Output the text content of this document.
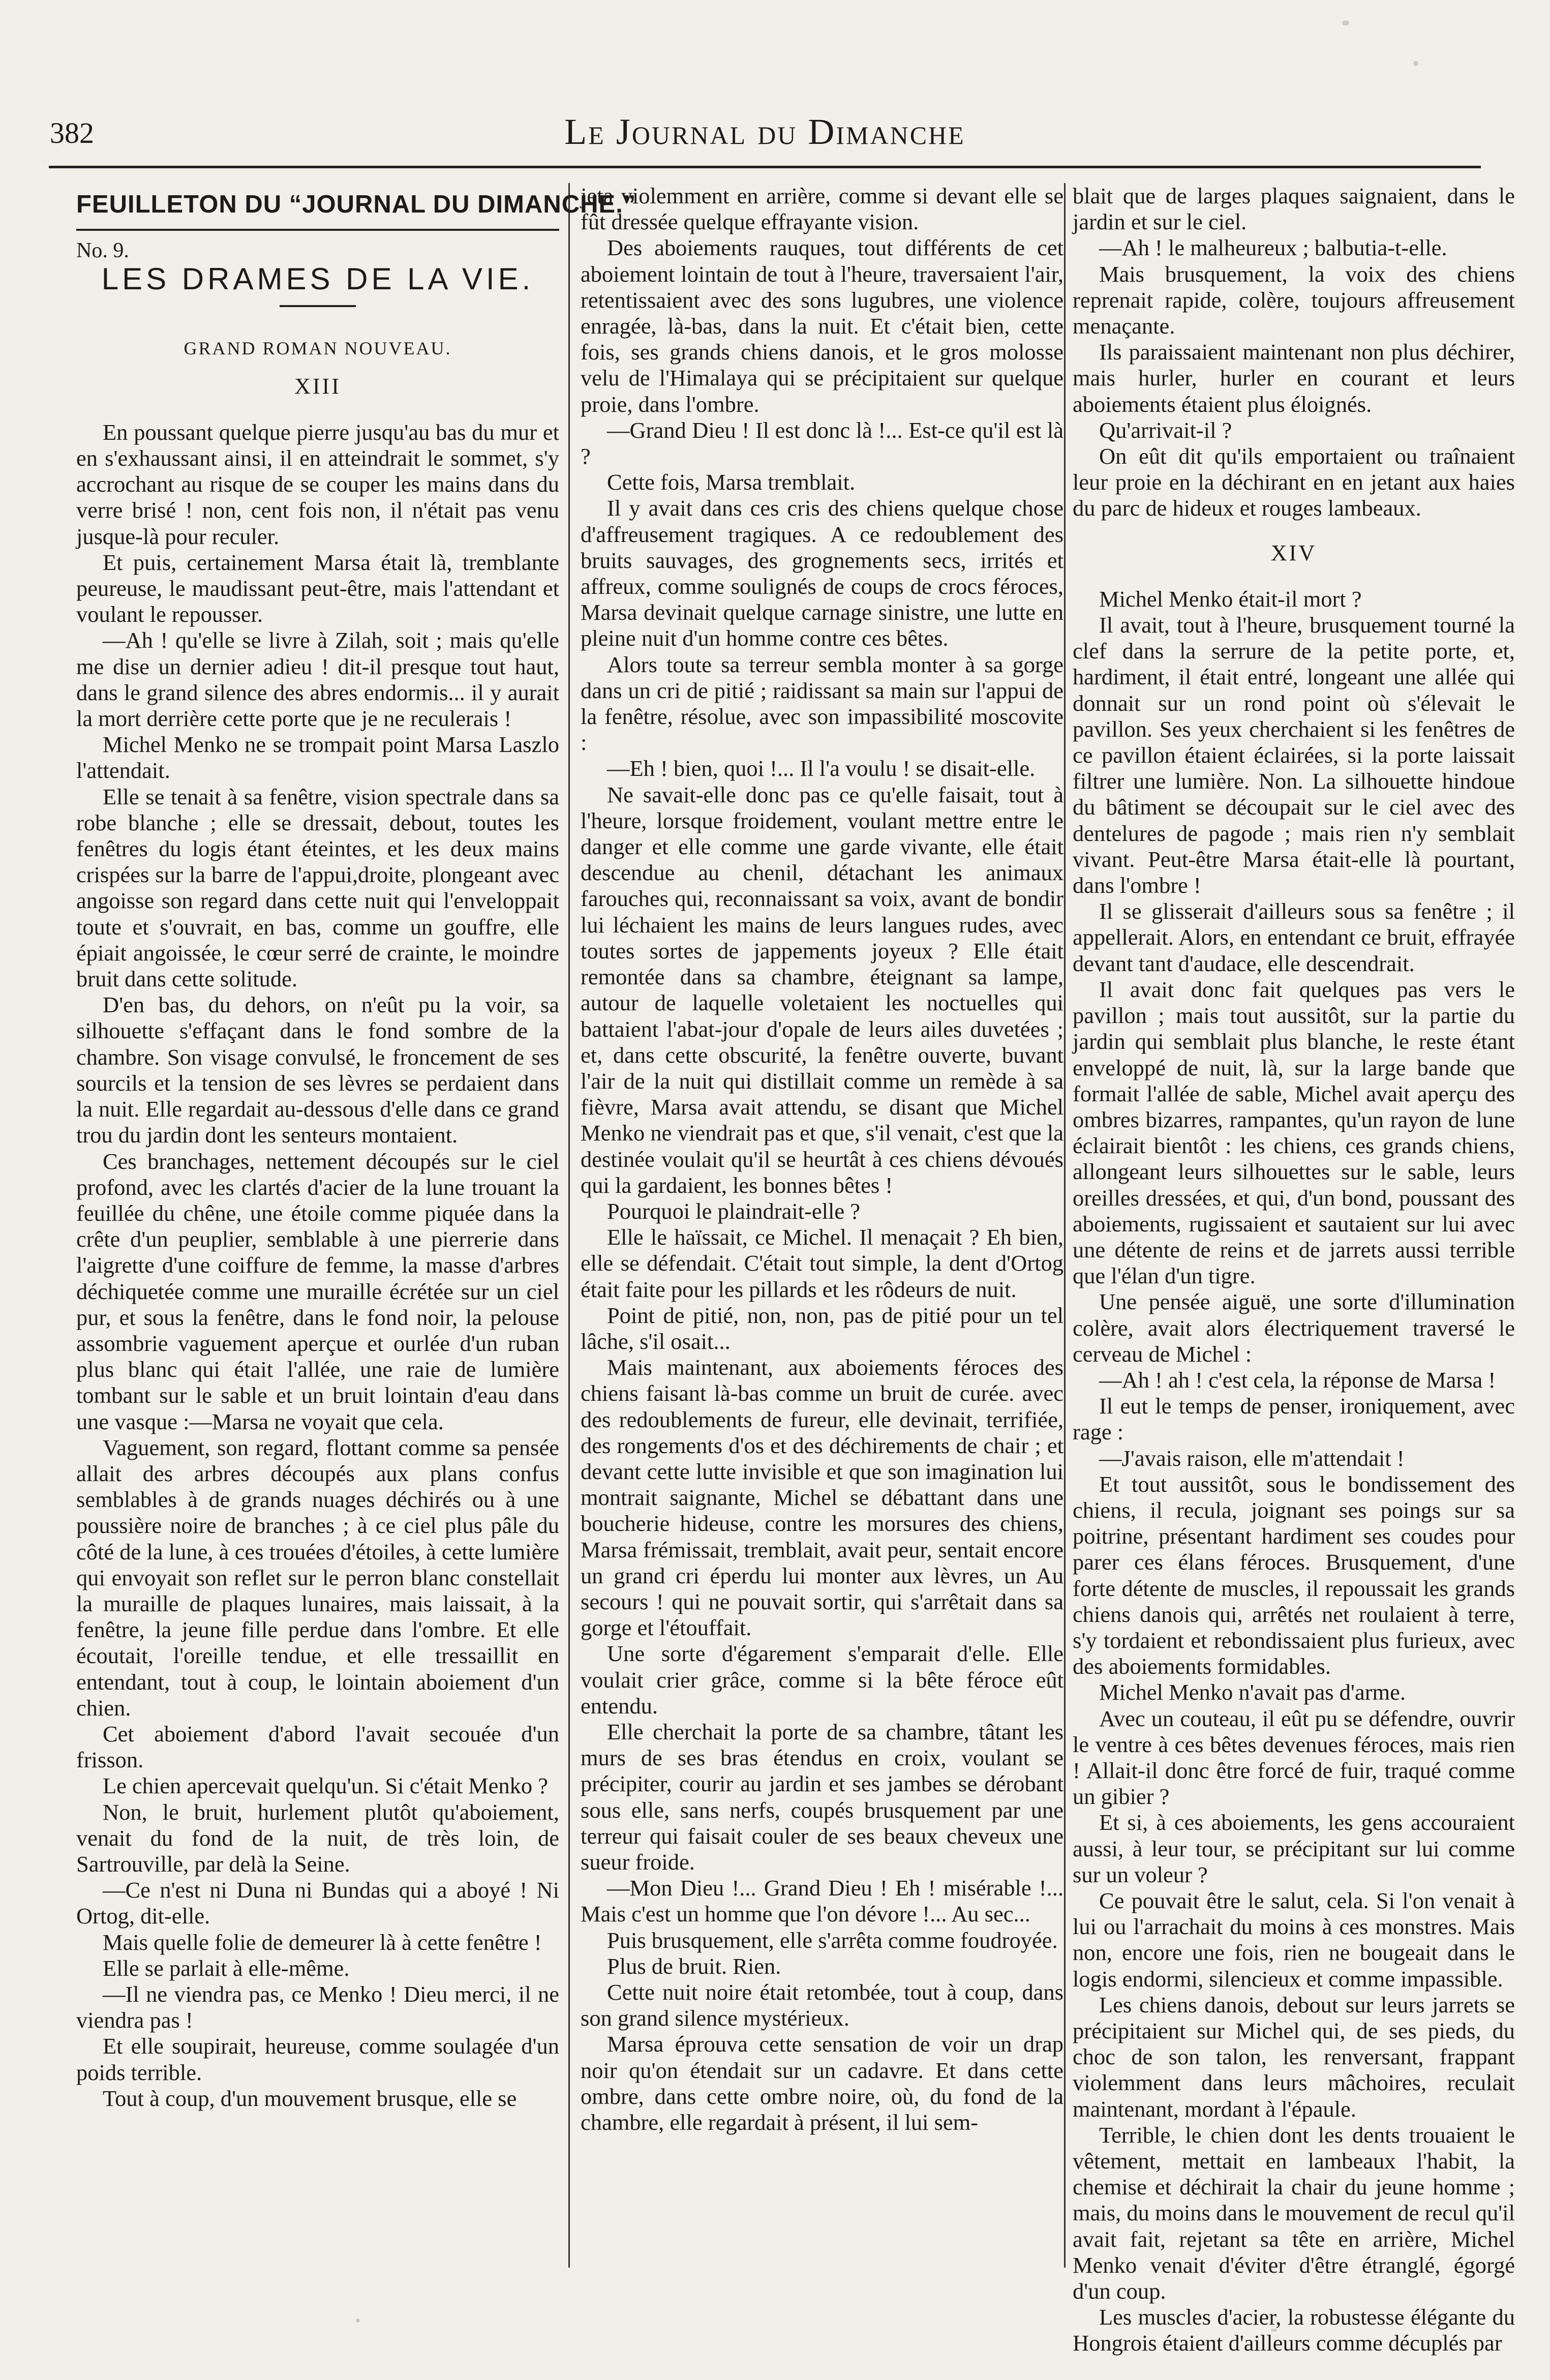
382	Le Journal du Dimanche
FEUILLETON DU “JOURNAL DU DIMANCHE.”
No. 9.
LES DRAMES DE LA VIE.
GRAND ROMAN NOUVEAU.
XIII

En poussant quelque pierre jusqu'au bas du mur et en s'exhaussant ainsi, il en atteindrait le sommet, s'y accrochant au risque de se couper les mains dans du verre brisé ! non, cent fois non, il n'était pas venu jusque-là pour reculer.

Et puis, certainement Marsa était là, tremblante peureuse, le maudissant peut-être, mais l'attendant et voulant le repousser.

—Ah ! qu'elle se livre à Zilah, soit ; mais qu'elle me dise un dernier adieu ! dit-il presque tout haut, dans le grand silence des abres endormis... il y aurait la mort derrière cette porte que je ne reculerais !

Michel Menko ne se trompait point Marsa Laszlo l'attendait.

Elle se tenait à sa fenêtre, vision spectrale dans sa robe blanche ; elle se dressait, debout, toutes les fenêtres du logis étant éteintes, et les deux mains crispées sur la barre de l'appui,droite, plongeant avec angoisse son regard dans cette nuit qui l'enveloppait toute et s'ouvrait, en bas, comme un gouffre, elle épiait angoissée, le cœur serré de crainte, le moindre bruit dans cette solitude.

D'en bas, du dehors, on n'eût pu la voir, sa silhouette s'effaçant dans le fond sombre de la chambre. Son visage convulsé, le froncement de ses sourcils et la tension de ses lèvres se perdaient dans la nuit. Elle regardait au-dessous d'elle dans ce grand trou du jardin dont les senteurs montaient.

Ces branchages, nettement découpés sur le ciel profond, avec les clartés d'acier de la lune trouant la feuillée du chêne, une étoile comme piquée dans la crête d'un peuplier, semblable à une pierrerie dans l'aigrette d'une coiffure de femme, la masse d'arbres déchiquetée comme une muraille écrétée sur un ciel pur, et sous la fenêtre, dans le fond noir, la pelouse assombrie vaguement aperçue et ourlée d'un ruban plus blanc qui était l'allée, une raie de lumière tombant sur le sable et un bruit lointain d'eau dans une vasque :—Marsa ne voyait que cela.

Vaguement, son regard, flottant comme sa pensée allait des arbres découpés aux plans confus semblables à de grands nuages déchirés ou à une poussière noire de branches ; à ce ciel plus pâle du côté de la lune, à ces trouées d'étoiles, à cette lumière qui envoyait son reflet sur le perron blanc constellait la muraille de plaques lunaires, mais laissait, à la fenêtre, la jeune fille perdue dans l'ombre. Et elle écoutait, l'oreille tendue, et elle tressaillit en entendant, tout à coup, le lointain aboiement d'un chien.

Cet aboiement d'abord l'avait secouée d'un frisson.

Le chien apercevait quelqu'un. Si c'était Menko ?

Non, le bruit, hurlement plutôt qu'aboiement, venait du fond de la nuit, de très loin, de Sartrouville, par delà la Seine.

—Ce n'est ni Duna ni Bundas qui a aboyé ! Ni Ortog, dit-elle.

Mais quelle folie de demeurer là à cette fenêtre !

Elle se parlait à elle-même.

—Il ne viendra pas, ce Menko ! Dieu merci, il ne viendra pas !

Et elle soupirait, heureuse, comme soulagée d'un poids terrible.

Tout à coup, d'un mouvement brusque, elle se

jeta violemment en arrière, comme si devant elle se fût dressée quelque effrayante vision.

Des aboiements rauques, tout différents de cet aboiement lointain de tout à l'heure, traversaient l'air, retentissaient avec des sons lugubres, une violence enragée, là-bas, dans la nuit. Et c'était bien, cette fois, ses grands chiens danois, et le gros molosse velu de l'Himalaya qui se précipitaient sur quelque proie, dans l'ombre.

—Grand Dieu ! Il est donc là !... Est-ce qu'il est là ?

Cette fois, Marsa tremblait.

Il y avait dans ces cris des chiens quelque chose d'affreusement tragiques. A ce redoublement des bruits sauvages, des grognements secs, irrités et affreux, comme soulignés de coups de crocs féroces, Marsa devinait quelque carnage sinistre, une lutte en pleine nuit d'un homme contre ces bêtes.

Alors toute sa terreur sembla monter à sa gorge dans un cri de pitié ; raidissant sa main sur l'appui de la fenêtre, résolue, avec son impassibilité moscovite :

—Eh ! bien, quoi !... Il l'a voulu ! se disait-elle.

Ne savait-elle donc pas ce qu'elle faisait, tout à l'heure, lorsque froidement, voulant mettre entre le danger et elle comme une garde vivante, elle était descendue au chenil, détachant les animaux farouches qui, reconnaissant sa voix, avant de bondir lui léchaient les mains de leurs langues rudes, avec toutes sortes de jappements joyeux ? Elle était remontée dans sa chambre, éteignant sa lampe, autour de laquelle voletaient les noctuelles qui battaient l'abat-jour d'opale de leurs ailes duvetées ; et, dans cette obscurité, la fenêtre ouverte, buvant l'air de la nuit qui distillait comme un remède à sa fièvre, Marsa avait attendu, se disant que Michel Menko ne viendrait pas et que, s'il venait, c'est que la destinée voulait qu'il se heurtât à ces chiens dévoués qui la gardaient, les bonnes bêtes !

Pourquoi le plaindrait-elle ?

Elle le haïssait, ce Michel. Il menaçait ? Eh bien, elle se défendait. C'était tout simple, la dent d'Ortog était faite pour les pillards et les rôdeurs de nuit.

Point de pitié, non, non, pas de pitié pour un tel lâche, s'il osait...

Mais maintenant, aux aboiements féroces des chiens faisant là-bas comme un bruit de curée. avec des redoublements de fureur, elle devinait, terrifiée, des rongements d'os et des déchirements de chair ; et devant cette lutte invisible et que son imagination lui montrait saignante, Michel se débattant dans une boucherie hideuse, contre les morsures des chiens, Marsa frémissait, tremblait, avait peur, sentait encore un grand cri éperdu lui monter aux lèvres, un Au secours ! qui ne pouvait sortir, qui s'arrêtait dans sa gorge et l'étouffait.

Une sorte d'égarement s'emparait d'elle. Elle voulait crier grâce, comme si la bête féroce eût entendu.

Elle cherchait la porte de sa chambre, tâtant les murs de ses bras étendus en croix, voulant se précipiter, courir au jardin et ses jambes se dérobant sous elle, sans nerfs, coupés brusquement par une terreur qui faisait couler de ses beaux cheveux une sueur froide.

—Mon Dieu !... Grand Dieu ! Eh ! misérable !... Mais c'est un homme que l'on dévore !... Au sec...

Puis brusquement, elle s'arrêta comme foudroyée.

Plus de bruit. Rien.

Cette nuit noire était retombée, tout à coup, dans son grand silence mystérieux.

Marsa éprouva cette sensation de voir un drap noir qu'on étendait sur un cadavre. Et dans cette ombre, dans cette ombre noire, où, du fond de la chambre, elle regardait à présent, il lui sem-

blait que de larges plaques saignaient, dans le jardin et sur le ciel.

—Ah ! le malheureux ; balbutia-t-elle.

Mais brusquement, la voix des chiens reprenait rapide, colère, toujours affreusement menaçante.

Ils paraissaient maintenant non plus déchirer, mais hurler, hurler en courant et leurs aboiements étaient plus éloignés.

Qu'arrivait-il ?

On eût dit qu'ils emportaient ou traînaient leur proie en la déchirant en en jetant aux haies du parc de hideux et rouges lambeaux.

XIV

Michel Menko était-il mort ?

Il avait, tout à l'heure, brusquement tourné la clef dans la serrure de la petite porte, et, hardiment, il était entré, longeant une allée qui donnait sur un rond point où s'élevait le pavillon. Ses yeux cherchaient si les fenêtres de ce pavillon étaient éclairées, si la porte laissait filtrer une lumière. Non. La silhouette hindoue du bâtiment se découpait sur le ciel avec des dentelures de pagode ; mais rien n'y semblait vivant. Peut-être Marsa était-elle là pourtant, dans l'ombre !

Il se glisserait d'ailleurs sous sa fenêtre ; il appellerait. Alors, en entendant ce bruit, effrayée devant tant d'audace, elle descendrait.

Il avait donc fait quelques pas vers le pavillon ; mais tout aussitôt, sur la partie du jardin qui semblait plus blanche, le reste étant enveloppé de nuit, là, sur la large bande que formait l'allée de sable, Michel avait aperçu des ombres bizarres, rampantes, qu'un rayon de lune éclairait bientôt : les chiens, ces grands chiens, allongeant leurs silhouettes sur le sable, leurs oreilles dressées, et qui, d'un bond, poussant des aboiements, rugissaient et sautaient sur lui avec une détente de reins et de jarrets aussi terrible que l'élan d'un tigre.

Une pensée aiguë, une sorte d'illumination colère, avait alors électriquement traversé le cerveau de Michel :

—Ah ! ah ! c'est cela, la réponse de Marsa !

Il eut le temps de penser, ironiquement, avec rage :

—J'avais raison, elle m'attendait !

Et tout aussitôt, sous le bondissement des chiens, il recula, joignant ses poings sur sa poitrine, présentant hardiment ses coudes pour parer ces élans féroces. Brusquement, d'une forte détente de muscles, il repoussait les grands chiens danois qui, arrêtés net roulaient à terre, s'y tordaient et rebondissaient plus furieux, avec des aboiements formidables.

Michel Menko n'avait pas d'arme.

Avec un couteau, il eût pu se défendre, ouvrir le ventre à ces bêtes devenues féroces, mais rien ! Allait-il donc être forcé de fuir, traqué comme un gibier ?

Et si, à ces aboiements, les gens accouraient aussi, à leur tour, se précipitant sur lui comme sur un voleur ?

Ce pouvait être le salut, cela. Si l'on venait à lui ou l'arrachait du moins à ces monstres. Mais non, encore une fois, rien ne bougeait dans le logis endormi, silencieux et comme impassible.

Les chiens danois, debout sur leurs jarrets se précipitaient sur Michel qui, de ses pieds, du choc de son talon, les renversant, frappant violemment dans leurs mâchoires, reculait maintenant, mordant à l'épaule.

Terrible, le chien dont les dents trouaient le vêtement, mettait en lambeaux l'habit, la chemise et déchirait la chair du jeune homme ; mais, du moins dans le mouvement de recul qu'il avait fait, rejetant sa tête en arrière, Michel Menko venait d'éviter d'être étranglé, égorgé d'un coup.

Les muscles d'acier, la robustesse élégante du Hongrois étaient d'ailleurs comme décuplés par
